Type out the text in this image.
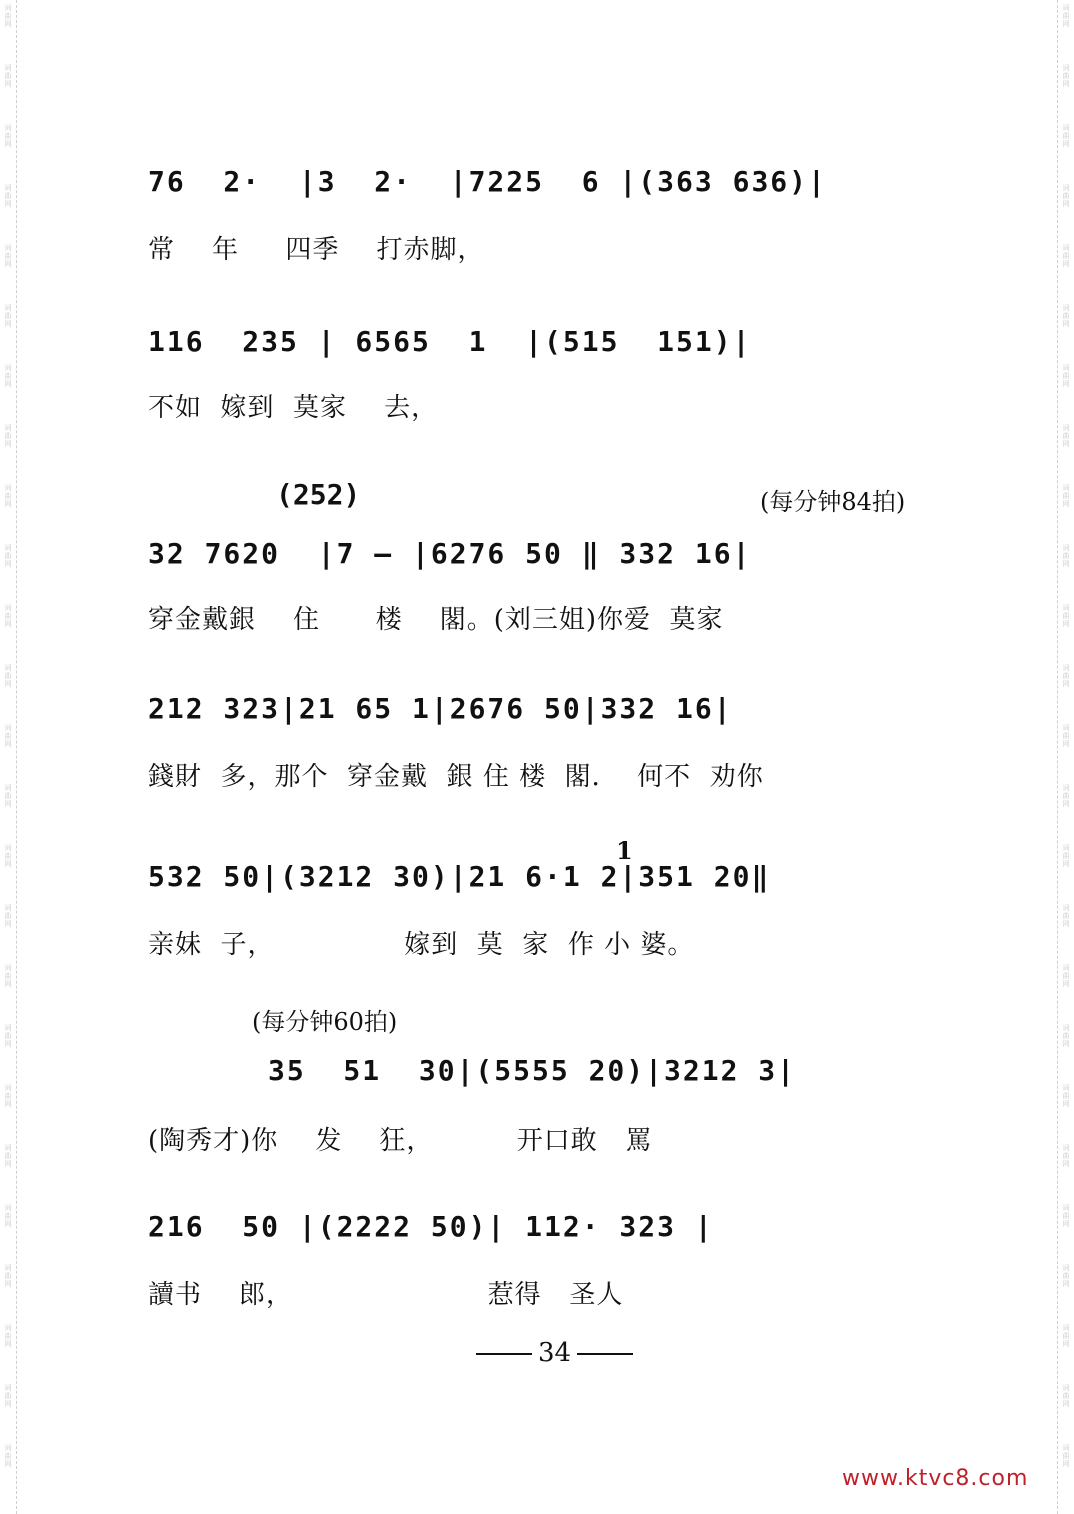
词
曲
网
词
曲
网
词
曲
网
词
曲
网
词
曲
网
词
曲
网
词
曲
网
词
曲
网
词
曲
网
词
曲
网
词
曲
网
词
曲
网
词
曲
网
词
曲
网
词
曲
网
词
曲
网
词
曲
网
词
曲
网
词
曲
网
词
曲
网
词
曲
网
词
曲
网
词
曲
网
词
曲
网
词
曲
网
词
曲
网
词
曲
网
词
曲
网
词
曲
网
词
曲
网
词
曲
网
词
曲
网
词
曲
网
词
曲
网
词
曲
网
词
曲
网
词
曲
网
词
曲
网
词
曲
网
词
曲
网
词
曲
网
词
曲
网
词
曲
网
词
曲
网
词
曲
网
词
曲
网
词
曲
网
词
曲
网
词
曲
网
词
曲
网
76  2·  |3  2·  |7225  6 |(363 636)|
常    年     四季    打赤脚，
116  235 | 6565  1  |(515  151)|
不如  嫁到  莫家    去，
(252)	(每分钟84拍)
32 7620  |7 — |6276 50 ‖ 332 16|
穿金戴銀    住      楼    閣。(刘三姐)你爱  莫家
212 323|21 65 1|2676 50|332 16|
錢財  多，那个  穿金戴  銀 住 楼  閣．  何不  劝你
1
532 50|(3212 30)|21 6·1 2|351 20‖
亲妹  子，              嫁到  莫  家  作 小 婆。
(每分钟60拍)
35  51  30|(5555 20)|3212 3|
(陶秀才)你    发    狂，         开口敢   罵
216  50 |(2222 50)| 112· 323 |
讀书    郎，                     惹得   圣人
34
www.ktvc8.com
